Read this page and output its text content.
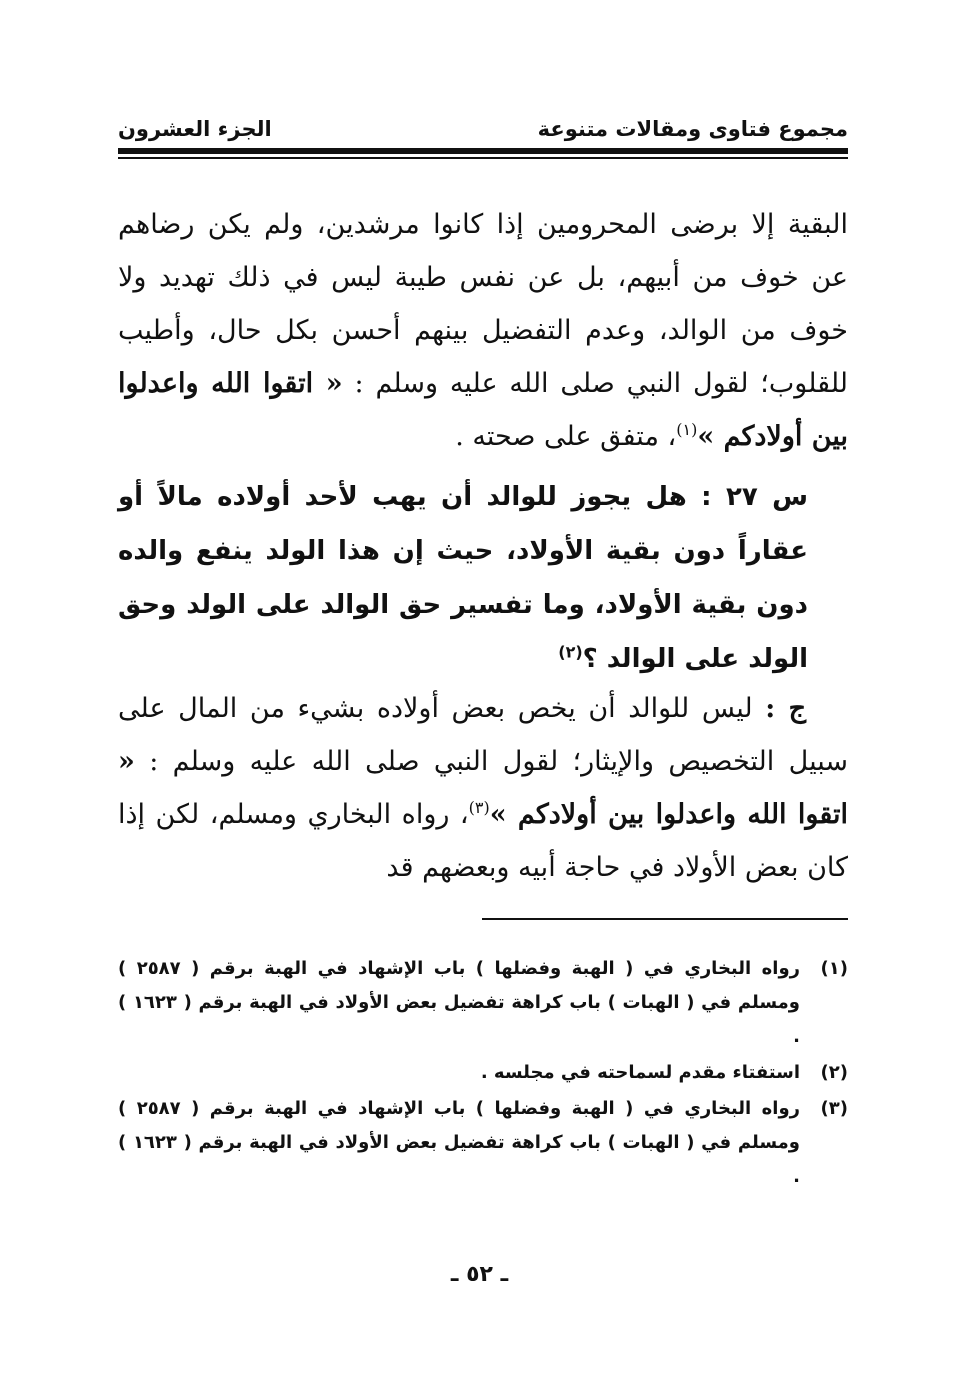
مجموع فتاوى ومقالات متنوعة
الجزء العشرون

البقية إلا برضى المحرومين إذا كانوا مرشدين، ولم يكن رضاهم عن خوف من أبيهم، بل عن نفس طيبة ليس في ذلك تهديد ولا خوف من الوالد، وعدم التفضيل بينهم أحسن بكل حال، وأطيب للقلوب؛ لقول النبي صلى الله عليه وسلم : « اتقوا الله واعدلوا بين أولادكم »$^{(١)}$، متفق على صحته .

س ٢٧ : هل يجوز للوالد أن يهب لأحد أولاده مالاً أو عقاراً دون بقية الأولاد، حيث إن هذا الولد ينفع والده دون بقية الأولاد، وما تفسير حق الوالد على الولد وحق الولد على الوالد ؟$^{(٢)}$
ج : ليس للوالد أن يخص بعض أولاده بشيء من المال على سبيل التخصيص والإيثار؛ لقول النبي صلى الله عليه وسلم : « اتقوا الله واعدلوا بين أولادكم »$^{(٣)}$، رواه البخاري ومسلم، لكن إذا كان بعض الأولاد في حاجة أبيه وبعضهم قد
(١)
رواه البخاري في ( الهبة وفضلها ) باب الإشهاد في الهبة برقم ( ٢٥٨٧ ) ومسلم في ( الهبات ) باب كراهة تفضيل بعض الأولاد في الهبة برقم ( ١٦٢٣ ) .
(٢)
استفتاء مقدم لسماحته في مجلسه .
(٣)
رواه البخاري في ( الهبة وفضلها ) باب الإشهاد في الهبة برقم ( ٢٥٨٧ ) ومسلم في ( الهبات ) باب كراهة تفضيل بعض الأولاد في الهبة برقم ( ١٦٢٣ ) .
ـ ٥٢ ـ
